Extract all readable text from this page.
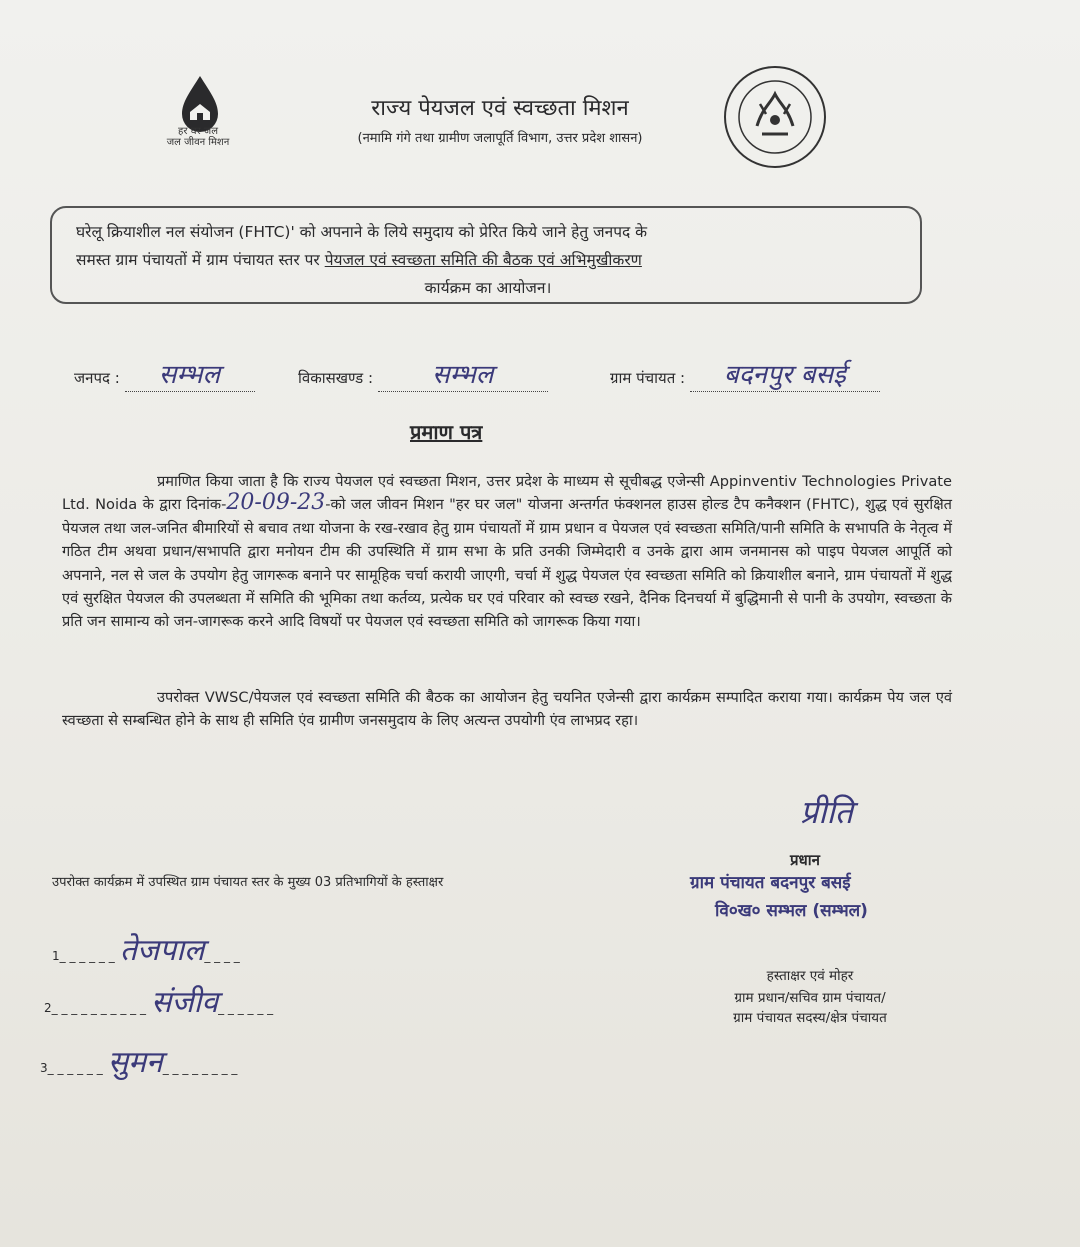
हर घर जल
जल जीवन मिशन
राज्य पेयजल एवं स्वच्छता मिशन
(नमामि गंगे तथा ग्रामीण जलापूर्ति विभाग, उत्तर प्रदेश शासन)
घरेलू क्रियाशील नल संयोजन (FHTC)' को अपनाने के लिये समुदाय को प्रेरित किये जाने हेतु जनपद के
समस्त ग्राम पंचायतों में ग्राम पंचायत स्तर पर पेयजल एवं स्वच्छता समिति की बैठक एवं अभिमुखीकरण
कार्यक्रम का आयोजन।
जनपद : सम्भल	विकासखण्ड : सम्भल	ग्राम पंचायत : बदनपुर बसई
प्रमाण पत्र
प्रमाणित किया जाता है कि राज्य पेयजल एवं स्वच्छता मिशन, उत्तर प्रदेश के माध्यम से सूचीबद्ध एजेन्सी Appinventiv Technologies Private Ltd. Noida के द्वारा दिनांक-20-09-23-को जल जीवन मिशन "हर घर जल" योजना अन्तर्गत फंक्शनल हाउस होल्ड टैप कनैक्शन (FHTC), शुद्ध एवं सुरक्षित पेयजल तथा जल-जनित बीमारियों से बचाव तथा योजना के रख-रखाव हेतु ग्राम पंचायतों में ग्राम प्रधान व पेयजल एवं स्वच्छता समिति/पानी समिति के सभापति के नेतृत्व में गठित टीम अथवा प्रधान/सभापति द्वारा मनोयन टीम की उपस्थिति में ग्राम सभा के प्रति उनकी जिम्मेदारी व उनके द्वारा आम जनमानस को पाइप पेयजल आपूर्ति को अपनाने, नल से जल के उपयोग हेतु जागरूक बनाने पर सामूहिक चर्चा करायी जाएगी, चर्चा में शुद्ध पेयजल एंव स्वच्छता समिति को क्रियाशील बनाने, ग्राम पंचायतों में शुद्ध एवं सुरक्षित पेयजल की उपलब्धता में समिति की भूमिका तथा कर्तव्य, प्रत्येक घर एवं परिवार को स्वच्छ रखने, दैनिक दिनचर्या में बुद्धिमानी से पानी के उपयोग, स्वच्छता के प्रति जन सामान्य को जन-जागरूक करने आदि विषयों पर पेयजल एवं स्वच्छता समिति को जागरूक किया गया।
उपरोक्त VWSC/पेयजल एवं स्वच्छता समिति की बैठक का आयोजन हेतु चयनित एजेन्सी द्वारा कार्यक्रम सम्पादित कराया गया। कार्यक्रम पेय जल एवं स्वच्छता से सम्बन्धित होने के साथ ही समिति एंव ग्रामीण जनसमुदाय के लिए अत्यन्त उपयोगी एंव लाभप्रद रहा।
प्रीति
प्रधान
ग्राम पंचायत बदनपुर बसई
वि०ख० सम्भल (सम्भल)
उपरोक्त कार्यक्रम में उपस्थित ग्राम पंचायत स्तर के मुख्य 03 प्रतिभागियों के हस्ताक्षर
1_ _ _ _ _ _ तेजपाल_ _ _ _
2_ _ _ _ _ _ _ _ _ _ संजीव_ _ _ _ _ _
3_ _ _ _ _ _ सुमन_ _ _ _ _ _ _ _
हस्ताक्षर एवं मोहर
ग्राम प्रधान/सचिव ग्राम पंचायत/
ग्राम पंचायत सदस्य/क्षेत्र पंचायत
